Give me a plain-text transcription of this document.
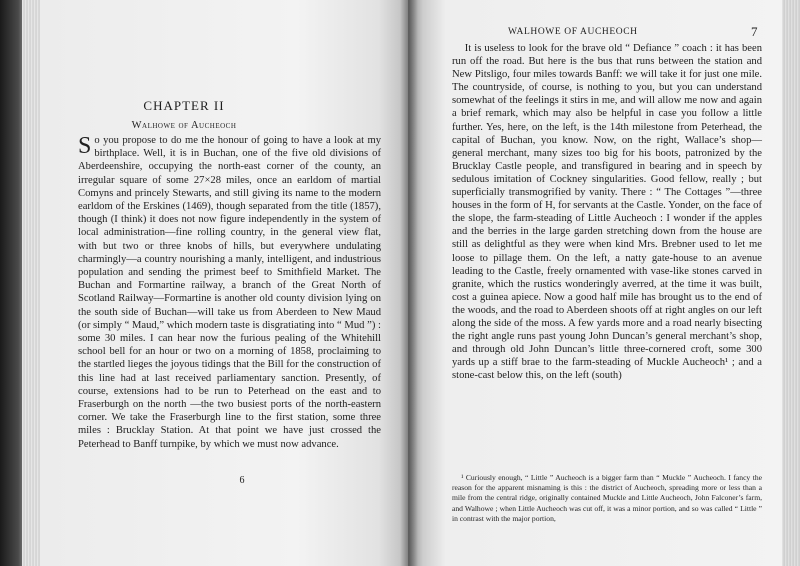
CHAPTER II
Walhowe of Aucheoch

So you propose to do me the honour of going to have a look at my birthplace. Well, it is in Buchan, one of the five old divisions of Aberdeenshire, occupying the north-east corner of the county, an irregular square of some 27×28 miles, once an earldom of martial Comyns and princely Stewarts, and still giving its name to the modern earldom of the Erskines (1469), though separated from the title (1857), though (I think) it does not now figure independently in the system of local administration—fine rolling country, in the general view flat, with but two or three knobs of hills, but everywhere undulating charmingly—a country nourishing a manly, intelligent, and industrious population and sending the primest beef to Smithfield Market. The Buchan and Formartine railway, a branch of the Great North of Scotland Railway—Formartine is another old county division lying on the south side of Buchan—will take us from Aberdeen to New Maud (or simply “ Maud,” which modern taste is disgratiating into “ Mud ”) : some 30 miles. I can hear now the furious pealing of the Whitehill school bell for an hour or two on a morning of 1858, proclaiming to the startled lieges the joyous tidings that the Bill for the construction of this line had at last received parliamentary sanction. Presently, of course, extensions had to be run to Peterhead on the east and to Fraserburgh on the north —the two busiest ports of the north-eastern corner. We take the Fraserburgh line to the first station, some three miles : Brucklay Station. At that point we have just crossed the Peterhead to Banff turnpike, by which we must now advance.

6
WALHOWE OF AUCHEOCH	7

It is useless to look for the brave old “ Defiance ” coach : it has been run off the road. But here is the bus that runs between the station and New Pitsligo, four miles towards Banff: we will take it for just one mile. The countryside, of course, is nothing to you, but you can understand somewhat of the feelings it stirs in me, and will allow me now and again a brief remark, which may also be helpful in case you follow a little further. Yes, here, on the left, is the 14th milestone from Peterhead, the capital of Buchan, you know. Now, on the right, Wallace’s shop—general merchant, many sizes too big for his boots, patronized by the Brucklay Castle people, and transfigured in bearing and in speech by sedulous imitation of Cockney singularities. Good fellow, really ; but superficially transmogrified by vanity. There : “ The Cottages ”—three houses in the form of H, for servants at the Castle. Yonder, on the face of the slope, the farm-steading of Little Aucheoch : I wonder if the apples and the berries in the large garden stretching down from the house are still as delightful as they were when kind Mrs. Brebner used to let me loose to pillage them. On the left, a natty gate-house to an avenue leading to the Castle, freely ornamented with vase-like stones carved in granite, which the rustics wonderingly averred, at the time it was built, cost a guinea apiece. Now a good half mile has brought us to the end of the woods, and the road to Aberdeen shoots off at right angles on our left along the side of the moss. A few yards more and a road nearly bisecting the right angle runs past young John Duncan’s general merchant’s shop, and through old John Duncan’s little three-cornered croft, some 300 yards up a stiff brae to the farm-steading of Muckle Aucheoch¹ ; and a stone-cast below this, on the left (south)

¹ Curiously enough, “ Little ” Aucheoch is a bigger farm than “ Muckle ” Aucheoch. I fancy the reason for the apparent misnaming is this : the district of Aucheoch, spreading more or less than a mile from the central ridge, originally contained Muckle and Little Aucheoch, John Falconer’s farm, and Walhowe ; when Little Aucheoch was cut off, it was a minor portion, and so was called “ Little ” in contrast with the major portion,
